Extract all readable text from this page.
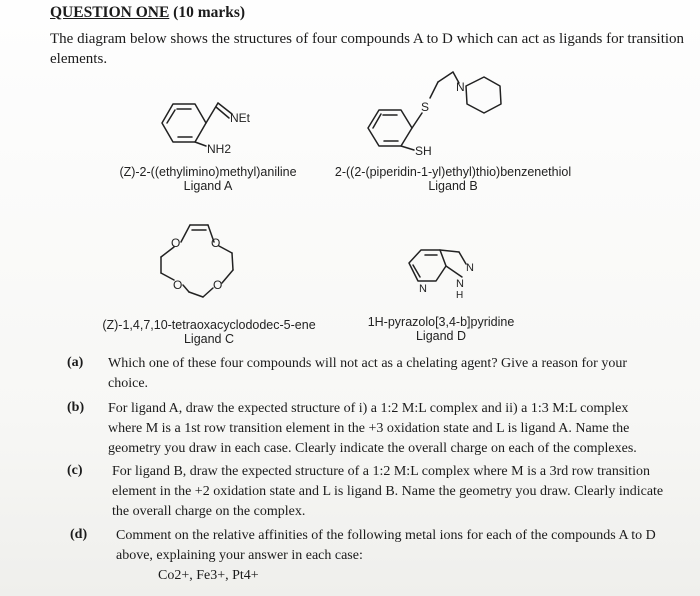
QUESTION ONE (10 marks)
The diagram below shows the structures of four compounds A to D which can act as ligands for transition elements.
NEt
NH2
S
N
SH
O	O
O	O
N
N	N
H
(Z)-2-((ethylimino)methyl)aniline
Ligand A
2-((2-(piperidin-1-yl)ethyl)thio)benzenethiol
Ligand B
(Z)-1,4,7,10-tetraoxacyclododec-5-ene
Ligand C
1H-pyrazolo[3,4-b]pyridine
Ligand D
(a) Which one of these four compounds will not act as a chelating agent? Give a reason for your choice.
(b) For ligand A, draw the expected structure of i) a 1:2 M:L complex and ii) a 1:3 M:L complex where M is a 1st row transition element in the +3 oxidation state and L is ligand A. Name the geometry you draw in each case. Clearly indicate the overall charge on each of the complexes.
(c) For ligand B, draw the expected structure of a 1:2 M:L complex where M is a 3rd row transition element in the +2 oxidation state and L is ligand B. Name the geometry you draw. Clearly indicate the overall charge on the complex.
(d) Comment on the relative affinities of the following metal ions for each of the compounds A to D above, explaining your answer in each case:
Co2+, Fe3+, Pt4+
